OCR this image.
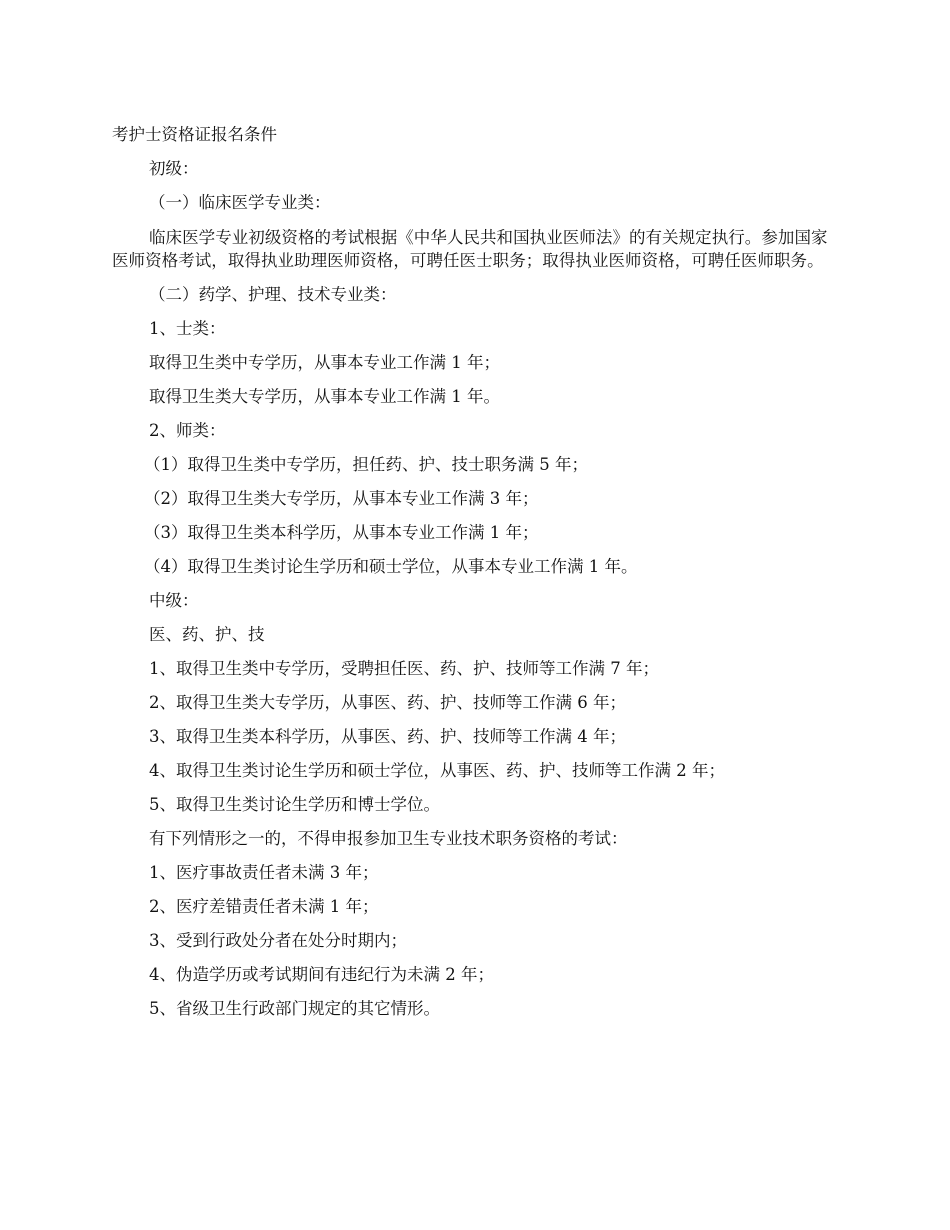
考护士资格证报名条件
初级：
（一）临床医学专业类：
临床医学专业初级资格的考试根据《中华人民共和国执业医师法》的有关规定执行。参加国家医师资格考试，取得执业助理医师资格，可聘任医士职务；取得执业医师资格，可聘任医师职务。
（二）药学、护理、技术专业类：
1、士类：
取得卫生类中专学历，从事本专业工作满 1 年；
取得卫生类大专学历，从事本专业工作满 1 年。
2、师类：
（1）取得卫生类中专学历，担任药、护、技士职务满 5 年；
（2）取得卫生类大专学历，从事本专业工作满 3 年；
（3）取得卫生类本科学历，从事本专业工作满 1 年；
（4）取得卫生类讨论生学历和硕士学位，从事本专业工作满 1 年。
中级：
医、药、护、技
1、取得卫生类中专学历，受聘担任医、药、护、技师等工作满 7 年；
2、取得卫生类大专学历，从事医、药、护、技师等工作满 6 年；
3、取得卫生类本科学历，从事医、药、护、技师等工作满 4 年；
4、取得卫生类讨论生学历和硕士学位，从事医、药、护、技师等工作满 2 年；
5、取得卫生类讨论生学历和博士学位。
有下列情形之一的，不得申报参加卫生专业技术职务资格的考试：
1、医疗事故责任者未满 3 年；
2、医疗差错责任者未满 1 年；
3、受到行政处分者在处分时期内；
4、伪造学历或考试期间有违纪行为未满 2 年；
5、省级卫生行政部门规定的其它情形。
